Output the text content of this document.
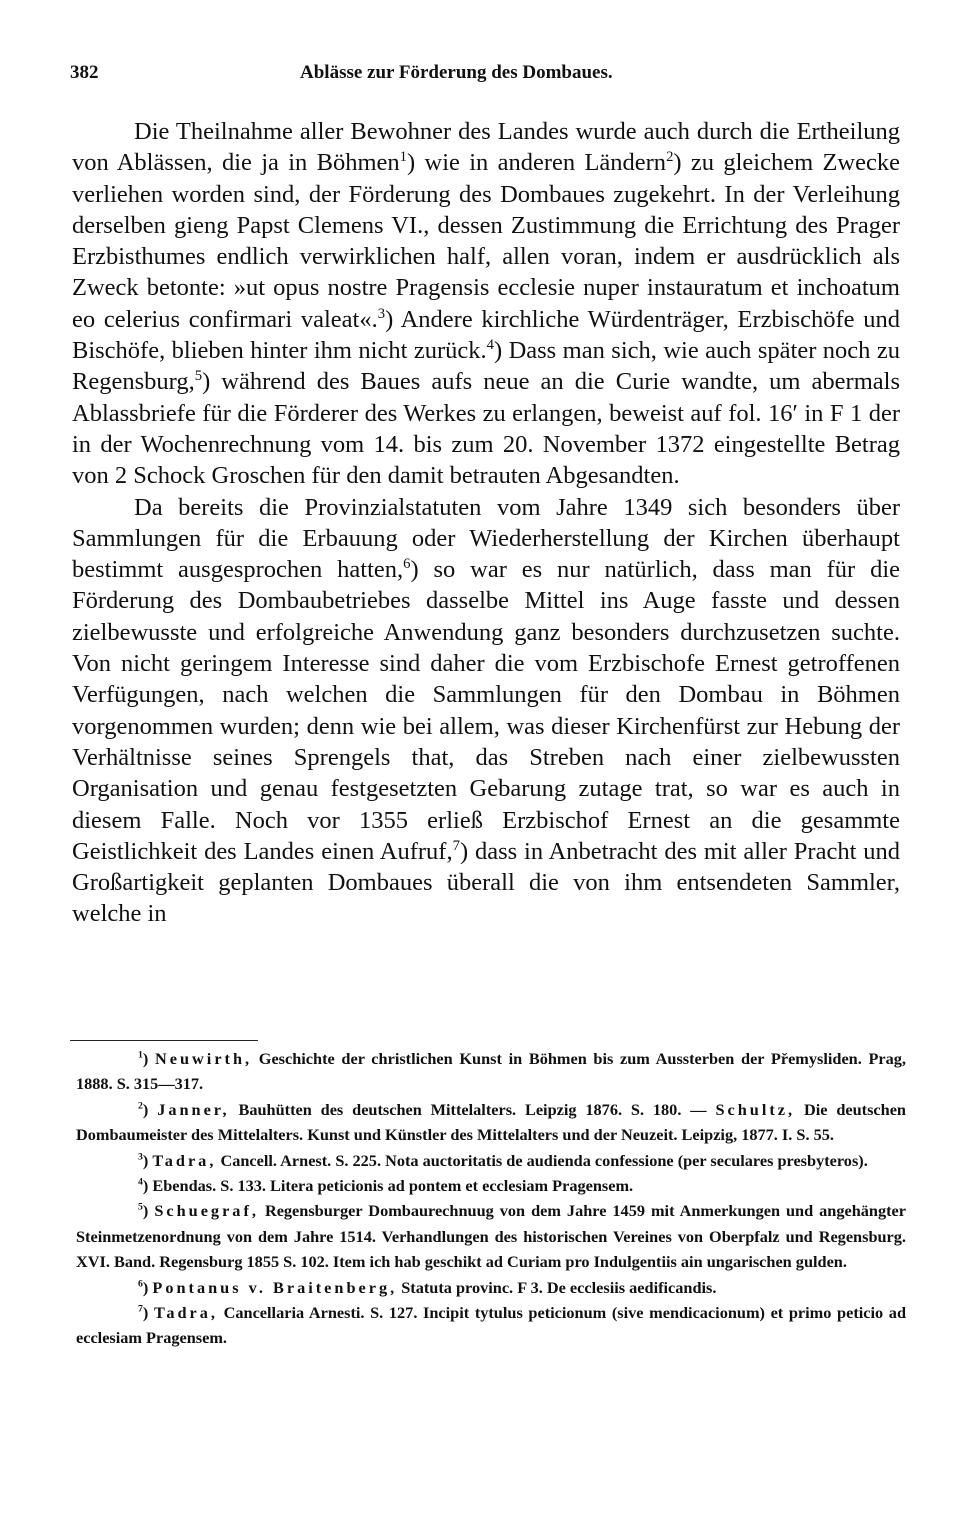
382	Ablässe zur Förderung des Dombaues.

Die Theilnahme aller Bewohner des Landes wurde auch durch die Ertheilung von Ablässen, die ja in Böhmen$^1$) wie in anderen Ländern$^2$) zu gleichem Zwecke verliehen worden sind, der Förderung des Dombaues zugekehrt. In der Verleihung derselben gieng Papst Clemens VI., dessen Zustimmung die Errichtung des Prager Erzbisthumes endlich verwirklichen half, allen voran, indem er ausdrücklich als Zweck betonte: »ut opus nostre Pragensis ecclesie nuper instauratum et inchoatum eo celerius confirmari valeat«.$^3$) Andere kirchliche Würdenträger, Erzbischöfe und Bischöfe, blieben hinter ihm nicht zurück.$^4$) Dass man sich, wie auch später noch zu Regensburg,$^5$) während des Baues aufs neue an die Curie wandte, um abermals Ablassbriefe für die Förderer des Werkes zu erlangen, beweist auf fol. 16′ in F 1 der in der Wochenrechnung vom 14. bis zum 20. November 1372 eingestellte Betrag von 2 Schock Groschen für den damit betrauten Abgesandten.

Da bereits die Provinzialstatuten vom Jahre 1349 sich besonders über Sammlungen für die Erbauung oder Wiederherstellung der Kirchen überhaupt bestimmt ausgesprochen hatten,$^6$) so war es nur natürlich, dass man für die Förderung des Dombaubetriebes dasselbe Mittel ins Auge fasste und dessen zielbewusste und erfolgreiche Anwendung ganz besonders durchzusetzen suchte. Von nicht geringem Interesse sind daher die vom Erzbischofe Ernest getroffenen Verfügungen, nach welchen die Sammlungen für den Dombau in Böhmen vorgenommen wurden; denn wie bei allem, was dieser Kirchenfürst zur Hebung der Verhältnisse seines Sprengels that, das Streben nach einer zielbewussten Organisation und genau festgesetzten Gebarung zutage trat, so war es auch in diesem Falle. Noch vor 1355 erließ Erzbischof Ernest an die gesammte Geistlichkeit des Landes einen Aufruf,$^7$) dass in Anbetracht des mit aller Pracht und Großartigkeit geplanten Dombaues überall die von ihm entsendeten Sammler, welche in

$^1$) Neuwirth, Geschichte der christlichen Kunst in Böhmen bis zum Aussterben der Přemysliden. Prag, 1888. S. 315—317.

$^2$) Janner, Bauhütten des deutschen Mittelalters. Leipzig 1876. S. 180. — Schultz, Die deutschen Dombaumeister des Mittelalters. Kunst und Künstler des Mittelalters und der Neuzeit. Leipzig, 1877. I. S. 55.

$^3$) Tadra, Cancell. Arnest. S. 225. Nota auctoritatis de audienda confessione (per seculares presbyteros).

$^4$) Ebendas. S. 133. Litera peticionis ad pontem et ecclesiam Pragensem.

$^5$) Schuegraf, Regensburger Dombaurechnuug von dem Jahre 1459 mit Anmerkungen und angehängter Steinmetzenordnung von dem Jahre 1514. Verhandlungen des historischen Vereines von Oberpfalz und Regensburg. XVI. Band. Regensburg 1855 S. 102. Item ich hab geschikt ad Curiam pro Indulgentiis ain ungarischen gulden.

$^6$) Pontanus v. Braitenberg, Statuta provinc. F 3. De ecclesiis aedificandis.

$^7$) Tadra, Cancellaria Arnesti. S. 127. Incipit tytulus peticionum (sive mendicacionum) et primo peticio ad ecclesiam Pragensem.
